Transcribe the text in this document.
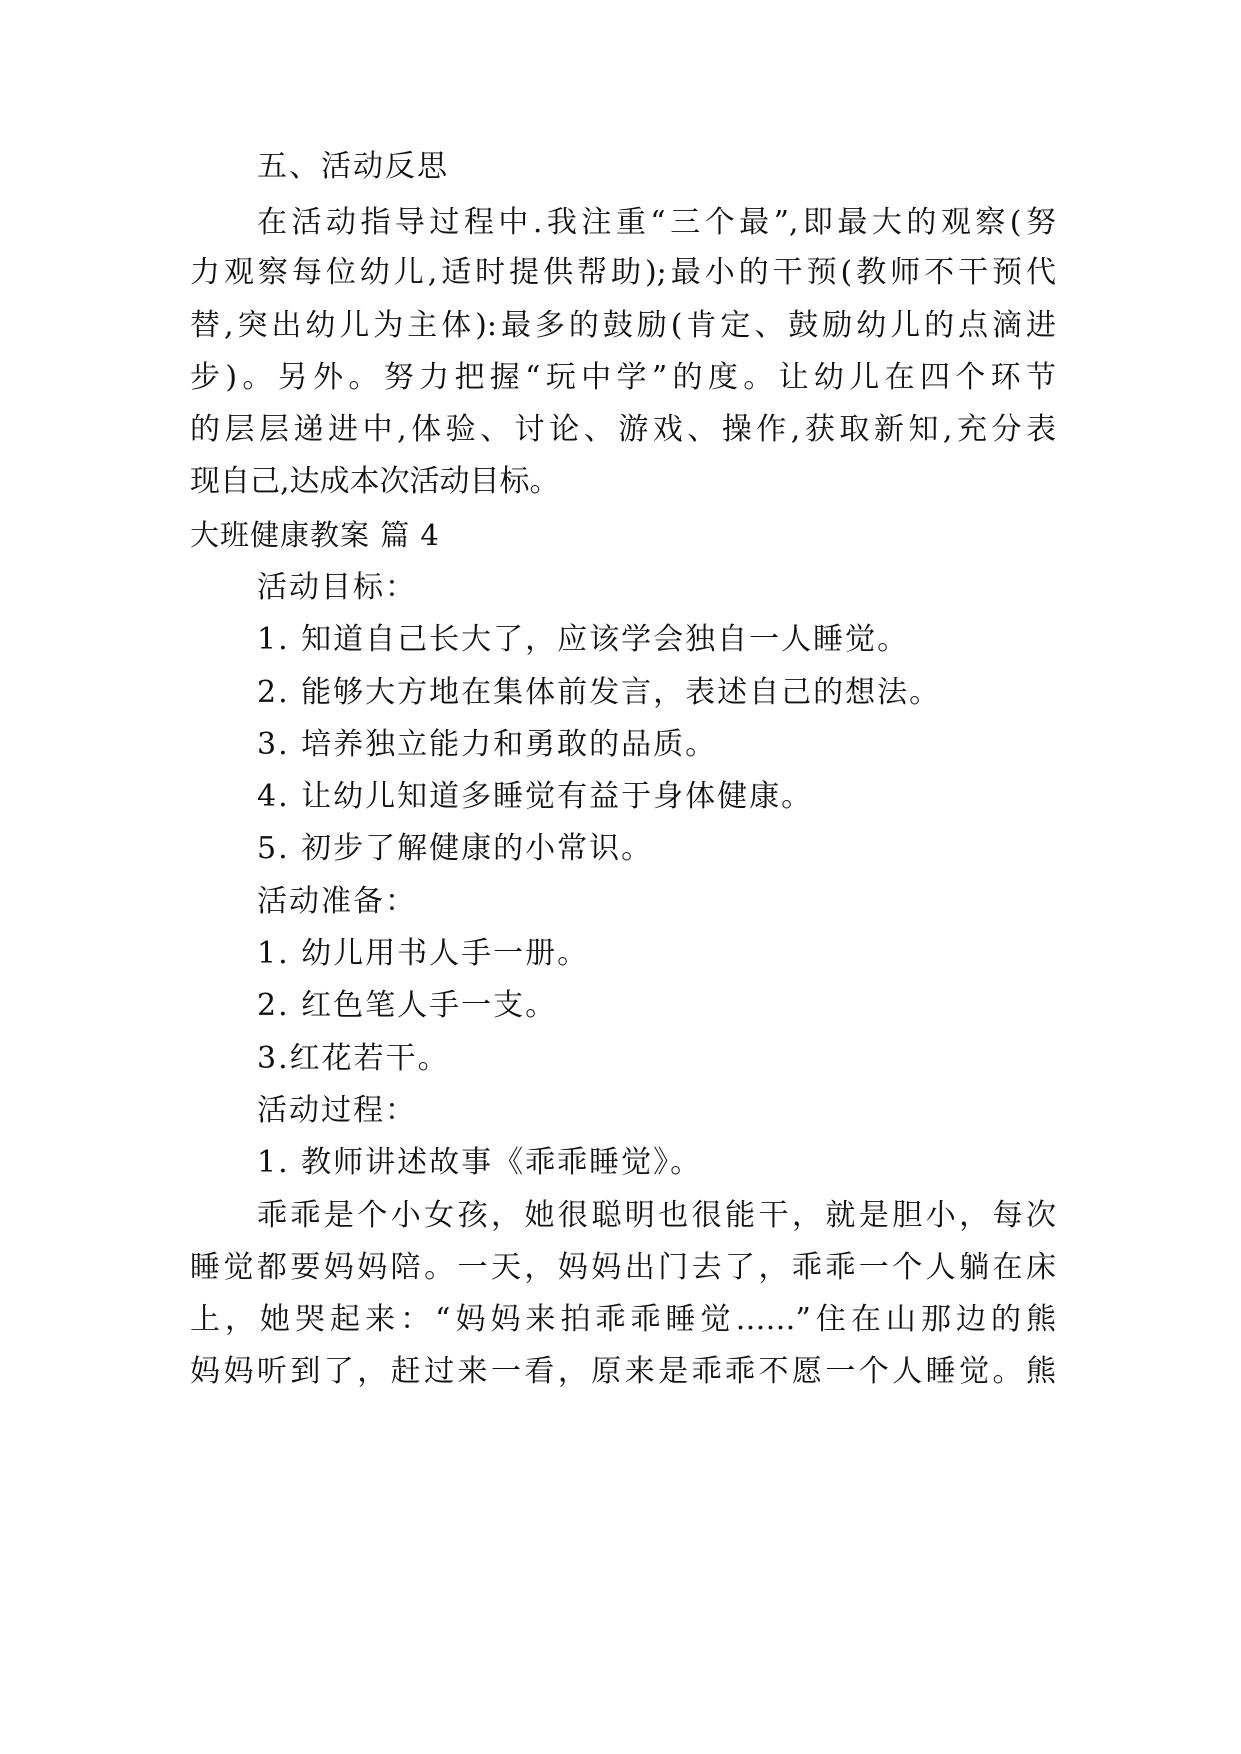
五、活动反思
在活动指导过程中.我注重“三个最”,即最大的观察(努
力观察每位幼儿,适时提供帮助);最小的干预(教师不干预代
替,突出幼儿为主体):最多的鼓励(肯定、鼓励幼儿的点滴进
步)。另外。努力把握“玩中学”的度。让幼儿在四个环节
的层层递进中,体验、讨论、游戏、操作,获取新知,充分表
现自己,达成本次活动目标。
大班健康教案 篇 4
活动目标：
1. 知道自己长大了，应该学会独自一人睡觉。
2. 能够大方地在集体前发言，表述自己的想法。
3. 培养独立能力和勇敢的品质。
4. 让幼儿知道多睡觉有益于身体健康。
5. 初步了解健康的小常识。
活动准备：
1. 幼儿用书人手一册。
2. 红色笔人手一支。
3.红花若干。
活动过程：
1. 教师讲述故事《乖乖睡觉》。
乖乖是个小女孩，她很聪明也很能干，就是胆小，每次
睡觉都要妈妈陪。一天，妈妈出门去了，乖乖一个人躺在床
上，她哭起来：“妈妈来拍乖乖睡觉……”住在山那边的熊
妈妈听到了，赶过来一看，原来是乖乖不愿一个人睡觉。熊
